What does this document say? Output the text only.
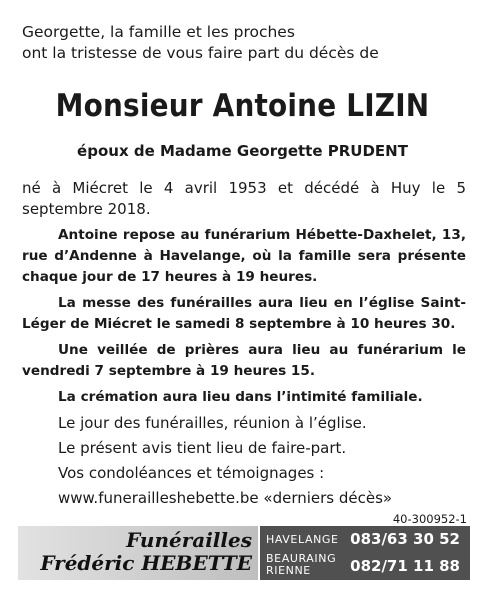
Georgette, la famille et les proches
ont la tristesse de vous faire part du décès de
Monsieur Antoine LIZIN
époux de Madame Georgette PRUDENT

né à Miécret le 4 avril 1953 et décédé à Huy le 5 septembre 2018.

Antoine repose au funérarium Hébette-Daxhelet, 13, rue d’Andenne à Havelange, où la famille sera présente chaque jour de 17 heures à 19 heures.

La messe des funérailles aura lieu en l’église Saint-Léger de Miécret le samedi 8 septembre à 10 heures 30.

Une veillée de prières aura lieu au funérarium le vendredi 7 septembre à 19 heures 15.

La crémation aura lieu dans l’intimité familiale.

Le jour des funérailles, réunion à l’église.

Le présent avis tient lieu de faire-part.

Vos condoléances et témoignages :

www.funerailleshebette.be «derniers décès»

40-300952-1
Funérailles
Frédéric HEBETTE
HAVELANGE 083/63 30 52
BEAURAING
RIENNE	082/71 11 88
